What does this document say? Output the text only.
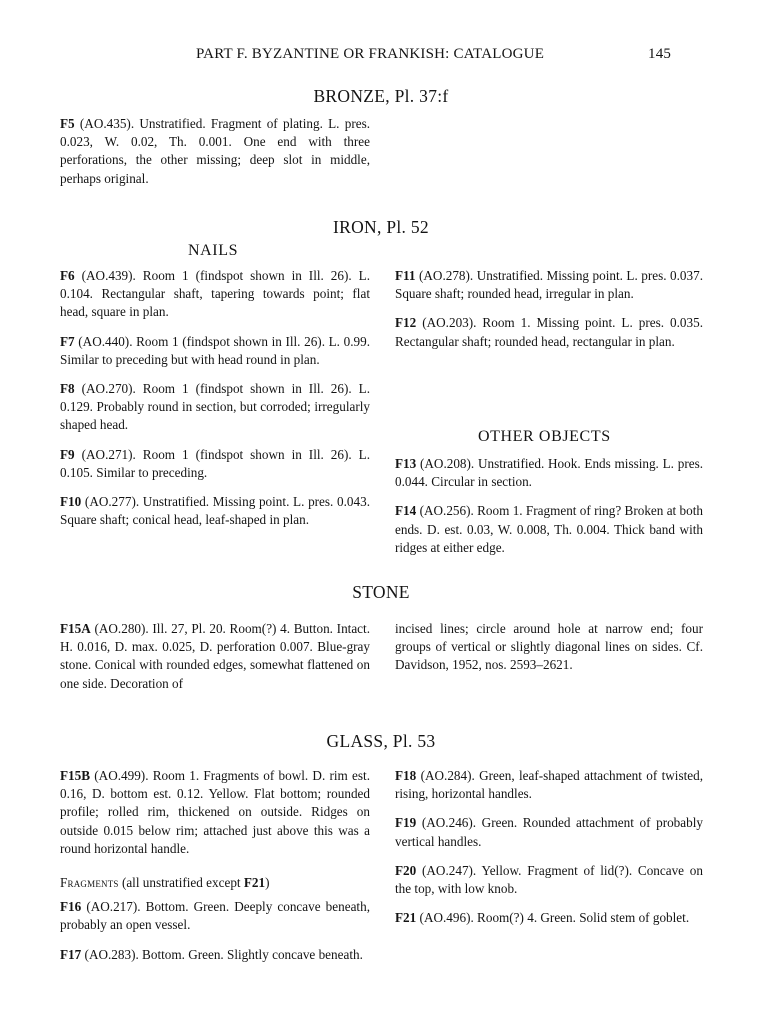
PART F. BYZANTINE OR FRANKISH: CATALOGUE	145
BRONZE, Pl. 37:f

F5 (AO.435). Unstratified. Fragment of plating. L. pres. 0.023, W. 0.02, Th. 0.001. One end with three perforations, the other missing; deep slot in middle, perhaps original.

IRON, Pl. 52
NAILS

F6 (AO.439). Room 1 (findspot shown in Ill. 26). L. 0.104. Rectangular shaft, tapering towards point; flat head, square in plan.

F7 (AO.440). Room 1 (findspot shown in Ill. 26). L. 0.99. Similar to preceding but with head round in plan.

F8 (AO.270). Room 1 (findspot shown in Ill. 26). L. 0.129. Probably round in section, but corroded; irregularly shaped head.

F9 (AO.271). Room 1 (findspot shown in Ill. 26). L. 0.105. Similar to preceding.

F10 (AO.277). Unstratified. Missing point. L. pres. 0.043. Square shaft; conical head, leaf-shaped in plan.

F11 (AO.278). Unstratified. Missing point. L. pres. 0.037. Square shaft; rounded head, irregular in plan.

F12 (AO.203). Room 1. Missing point. L. pres. 0.035. Rectangular shaft; rounded head, rectangular in plan.

OTHER OBJECTS

F13 (AO.208). Unstratified. Hook. Ends missing. L. pres. 0.044. Circular in section.

F14 (AO.256). Room 1. Fragment of ring? Broken at both ends. D. est. 0.03, W. 0.008, Th. 0.004. Thick band with ridges at either edge.

STONE

F15A (AO.280). Ill. 27, Pl. 20. Room(?) 4. Button. Intact. H. 0.016, D. max. 0.025, D. perforation 0.007. Blue-gray stone. Conical with rounded edges, somewhat flattened on one side. Decoration of

incised lines; circle around hole at narrow end; four groups of vertical or slightly diagonal lines on sides. Cf. Davidson, 1952, nos. 2593–2621.

GLASS, Pl. 53

F15B (AO.499). Room 1. Fragments of bowl. D. rim est. 0.16, D. bottom est. 0.12. Yellow. Flat bottom; rounded profile; rolled rim, thickened on outside. Ridges on outside 0.015 below rim; attached just above this was a round horizontal handle.

Fragments (all unstratified except F21)

F16 (AO.217). Bottom. Green. Deeply concave beneath, probably an open vessel.

F17 (AO.283). Bottom. Green. Slightly concave beneath.

F18 (AO.284). Green, leaf-shaped attachment of twisted, rising, horizontal handles.

F19 (AO.246). Green. Rounded attachment of probably vertical handles.

F20 (AO.247). Yellow. Fragment of lid(?). Concave on the top, with low knob.

F21 (AO.496). Room(?) 4. Green. Solid stem of goblet.
